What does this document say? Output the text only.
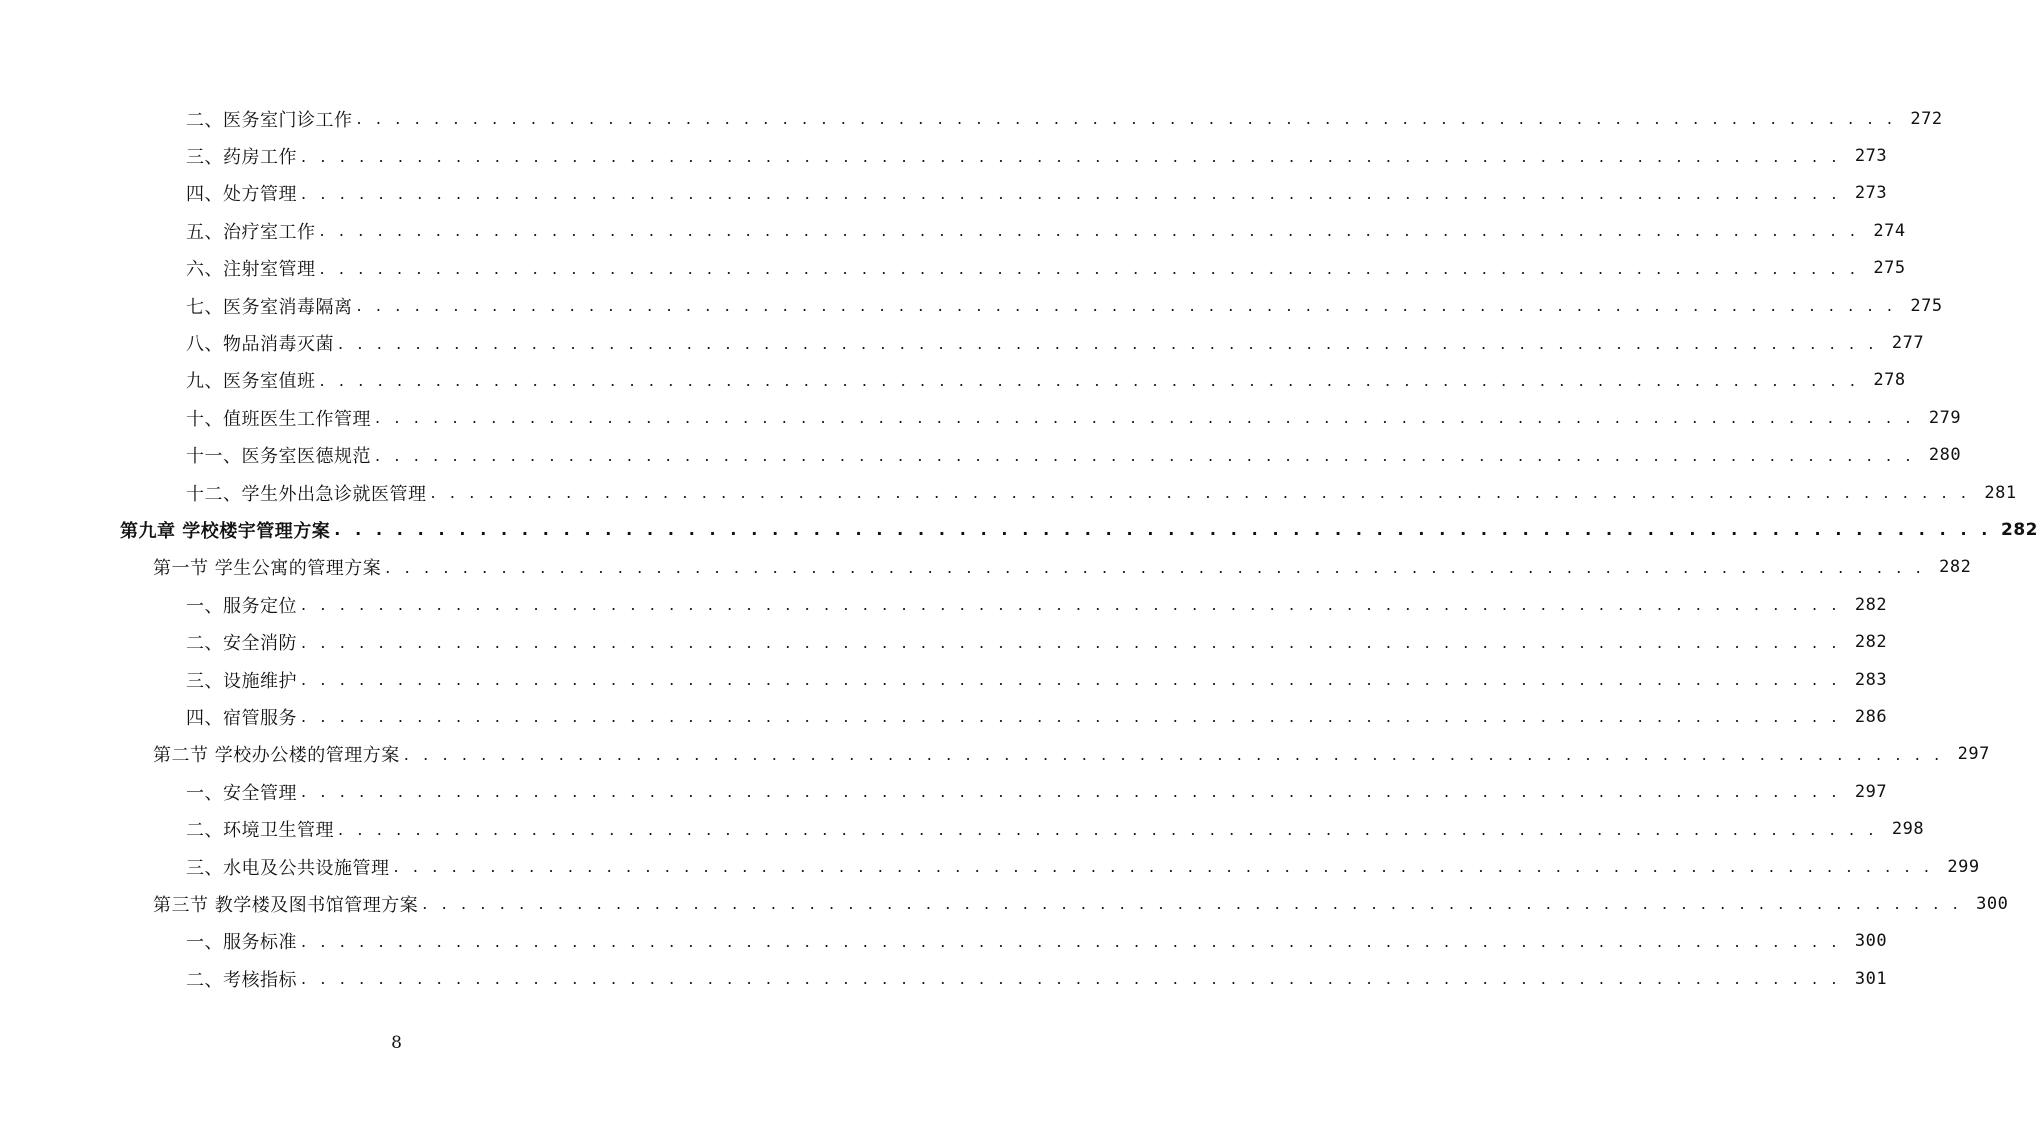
二、医务室门诊工作 . . . . . . . . . . . . . . . . . . . . . . . . . . . . . . . . . . . . . . . . . . . . . . . . . . . . . . . . . . . . . . . . . . . . . . . . . . . . . . . . 272
三、药房工作 . . . . . . . . . . . . . . . . . . . . . . . . . . . . . . . . . . . . . . . . . . . . . . . . . . . . . . . . . . . . . . . . . . . . . . . . . . . . . . . . 273
四、处方管理 . . . . . . . . . . . . . . . . . . . . . . . . . . . . . . . . . . . . . . . . . . . . . . . . . . . . . . . . . . . . . . . . . . . . . . . . . . . . . . . . 273
五、治疗室工作 . . . . . . . . . . . . . . . . . . . . . . . . . . . . . . . . . . . . . . . . . . . . . . . . . . . . . . . . . . . . . . . . . . . . . . . . . . . . . . . . 274
六、注射室管理 . . . . . . . . . . . . . . . . . . . . . . . . . . . . . . . . . . . . . . . . . . . . . . . . . . . . . . . . . . . . . . . . . . . . . . . . . . . . . . . . 275
七、医务室消毒隔离 . . . . . . . . . . . . . . . . . . . . . . . . . . . . . . . . . . . . . . . . . . . . . . . . . . . . . . . . . . . . . . . . . . . . . . . . . . . . . . . . 275
八、物品消毒灭菌 . . . . . . . . . . . . . . . . . . . . . . . . . . . . . . . . . . . . . . . . . . . . . . . . . . . . . . . . . . . . . . . . . . . . . . . . . . . . . . . . 277
九、医务室值班 . . . . . . . . . . . . . . . . . . . . . . . . . . . . . . . . . . . . . . . . . . . . . . . . . . . . . . . . . . . . . . . . . . . . . . . . . . . . . . . . 278
十、值班医生工作管理 . . . . . . . . . . . . . . . . . . . . . . . . . . . . . . . . . . . . . . . . . . . . . . . . . . . . . . . . . . . . . . . . . . . . . . . . . . . . . . . . 279
十一、医务室医德规范 . . . . . . . . . . . . . . . . . . . . . . . . . . . . . . . . . . . . . . . . . . . . . . . . . . . . . . . . . . . . . . . . . . . . . . . . . . . . . . . . 280
十二、学生外出急诊就医管理 . . . . . . . . . . . . . . . . . . . . . . . . . . . . . . . . . . . . . . . . . . . . . . . . . . . . . . . . . . . . . . . . . . . . . . . . . . . . . . . . 281
第九章 学校楼宇管理方案 . . . . . . . . . . . . . . . . . . . . . . . . . . . . . . . . . . . . . . . . . . . . . . . . . . . . . . . . . . . . . . . . . . . . . . . . . . . . . . . . 282
第一节 学生公寓的管理方案 . . . . . . . . . . . . . . . . . . . . . . . . . . . . . . . . . . . . . . . . . . . . . . . . . . . . . . . . . . . . . . . . . . . . . . . . . . . . . . . . 282
一、服务定位 . . . . . . . . . . . . . . . . . . . . . . . . . . . . . . . . . . . . . . . . . . . . . . . . . . . . . . . . . . . . . . . . . . . . . . . . . . . . . . . . 282
二、安全消防 . . . . . . . . . . . . . . . . . . . . . . . . . . . . . . . . . . . . . . . . . . . . . . . . . . . . . . . . . . . . . . . . . . . . . . . . . . . . . . . . 282
三、设施维护 . . . . . . . . . . . . . . . . . . . . . . . . . . . . . . . . . . . . . . . . . . . . . . . . . . . . . . . . . . . . . . . . . . . . . . . . . . . . . . . . 283
四、宿管服务 . . . . . . . . . . . . . . . . . . . . . . . . . . . . . . . . . . . . . . . . . . . . . . . . . . . . . . . . . . . . . . . . . . . . . . . . . . . . . . . . 286
第二节 学校办公楼的管理方案 . . . . . . . . . . . . . . . . . . . . . . . . . . . . . . . . . . . . . . . . . . . . . . . . . . . . . . . . . . . . . . . . . . . . . . . . . . . . . . . . 297
一、安全管理 . . . . . . . . . . . . . . . . . . . . . . . . . . . . . . . . . . . . . . . . . . . . . . . . . . . . . . . . . . . . . . . . . . . . . . . . . . . . . . . . 297
二、环境卫生管理 . . . . . . . . . . . . . . . . . . . . . . . . . . . . . . . . . . . . . . . . . . . . . . . . . . . . . . . . . . . . . . . . . . . . . . . . . . . . . . . . 298
三、水电及公共设施管理 . . . . . . . . . . . . . . . . . . . . . . . . . . . . . . . . . . . . . . . . . . . . . . . . . . . . . . . . . . . . . . . . . . . . . . . . . . . . . . . . 299
第三节 教学楼及图书馆管理方案 . . . . . . . . . . . . . . . . . . . . . . . . . . . . . . . . . . . . . . . . . . . . . . . . . . . . . . . . . . . . . . . . . . . . . . . . . . . . . . . . 300
一、服务标准 . . . . . . . . . . . . . . . . . . . . . . . . . . . . . . . . . . . . . . . . . . . . . . . . . . . . . . . . . . . . . . . . . . . . . . . . . . . . . . . . 300
二、考核指标 . . . . . . . . . . . . . . . . . . . . . . . . . . . . . . . . . . . . . . . . . . . . . . . . . . . . . . . . . . . . . . . . . . . . . . . . . . . . . . . . 301
8
